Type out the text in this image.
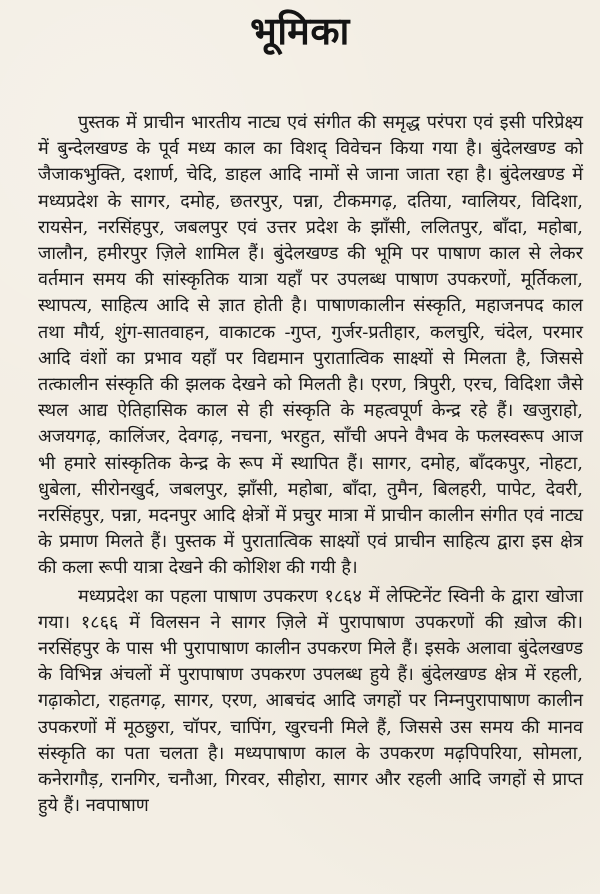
भूमिका

पुस्तक में प्राचीन भारतीय नाट्य एवं संगीत की समृद्ध परंपरा एवं इसी परिप्रेक्ष्य में बुन्देलखण्ड के पूर्व मध्य काल का विशद् विवेचन किया गया है। बुंदेलखण्ड को जैजाकभुक्ति, दशार्ण, चेदि, डाहल आदि नामों से जाना जाता रहा है। बुंदेलखण्ड में मध्यप्रदेश के सागर, दमोह, छतरपुर, पन्ना, टीकमगढ़, दतिया, ग्वालियर, विदिशा, रायसेन, नरसिंहपुर, जबलपुर एवं उत्तर प्रदेश के झाँसी, ललितपुर, बाँदा, महोबा, जालौन, हमीरपुर ज़िले शामिल हैं। बुंदेलखण्ड की भूमि पर पाषाण काल से लेकर वर्तमान समय की सांस्कृतिक यात्रा यहाँ पर उपलब्ध पाषाण उपकरणों, मूर्तिकला, स्थापत्य, साहित्य आदि से ज्ञात होती है। पाषाणकालीन संस्कृति, महाजनपद काल तथा मौर्य, शुंग-सातवाहन, वाकाटक -गुप्त, गुर्जर-प्रतीहार, कलचुरि, चंदेल, परमार आदि वंशों का प्रभाव यहाँ पर विद्यमान पुरातात्विक साक्ष्यों से मिलता है, जिससे तत्कालीन संस्कृति की झलक देखने को मिलती है। एरण, त्रिपुरी, एरच, विदिशा जैसे स्थल आद्य ऐतिहासिक काल से ही संस्कृति के महत्वपूर्ण केन्द्र रहे हैं। खजुराहो, अजयगढ़, कालिंजर, देवगढ़, नचना, भरहुत, साँची अपने वैभव के फलस्वरूप आज भी हमारे सांस्कृतिक केन्द्र के रूप में स्थापित हैं। सागर, दमोह, बाँदकपुर, नोहटा, धुबेला, सीरोनखुर्द, जबलपुर, झाँसी, महोबा, बाँदा, तुमैन, बिलहरी, पापेट, देवरी, नरसिंहपुर, पन्ना, मदनपुर आदि क्षेत्रों में प्रचुर मात्रा में प्राचीन कालीन संगीत एवं नाट्य के प्रमाण मिलते हैं। पुस्तक में पुरातात्विक साक्ष्यों एवं प्राचीन साहित्य द्वारा इस क्षेत्र की कला रूपी यात्रा देखने की कोशिश की गयी है।

मध्यप्रदेश का पहला पाषाण उपकरण १८६४ में लेफ्टिनेंट स्विनी के द्वारा खोजा गया। १८६६ में विलसन ने सागर ज़िले में पुरापाषाण उपकरणों की ख़ोज की। नरसिंहपुर के पास भी पुरापाषाण कालीन उपकरण मिले हैं। इसके अलावा बुंदेलखण्ड के विभिन्न अंचलों में पुरापाषाण उपकरण उपलब्ध हुये हैं। बुंदेलखण्ड क्षेत्र में रहली, गढ़ाकोटा, राहतगढ़, सागर, एरण, आबचंद आदि जगहों पर निम्नपुरापाषाण कालीन उपकरणों में मूठछुरा, चॉपर, चापिंग, खुरचनी मिले हैं, जिससे उस समय की मानव संस्कृति का पता चलता है। मध्यपाषाण काल के उपकरण मढ़पिपरिया, सोमला, कनेरागौड़, रानगिर, चनौआ, गिरवर, सीहोरा, सागर और रहली आदि जगहों से प्राप्त हुये हैं। नवपाषाण
